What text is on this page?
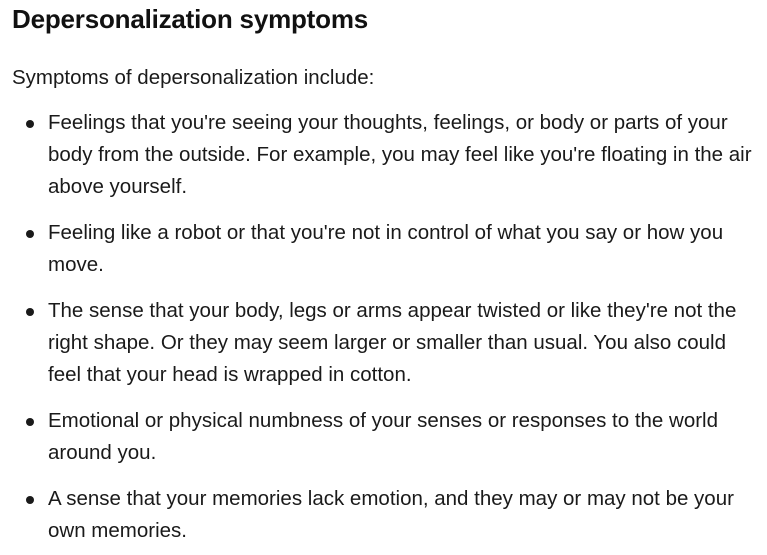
Depersonalization symptoms

Symptoms of depersonalization include:

Feelings that you're seeing your thoughts, feelings, or body or parts of your body from the outside. For example, you may feel like you're floating in the air above yourself.
Feeling like a robot or that you're not in control of what you say or how you move.
The sense that your body, legs or arms appear twisted or like they're not the right shape. Or they may seem larger or smaller than usual. You also could feel that your head is wrapped in cotton.
Emotional or physical numbness of your senses or responses to the world around you.
A sense that your memories lack emotion, and they may or may not be your own memories.
